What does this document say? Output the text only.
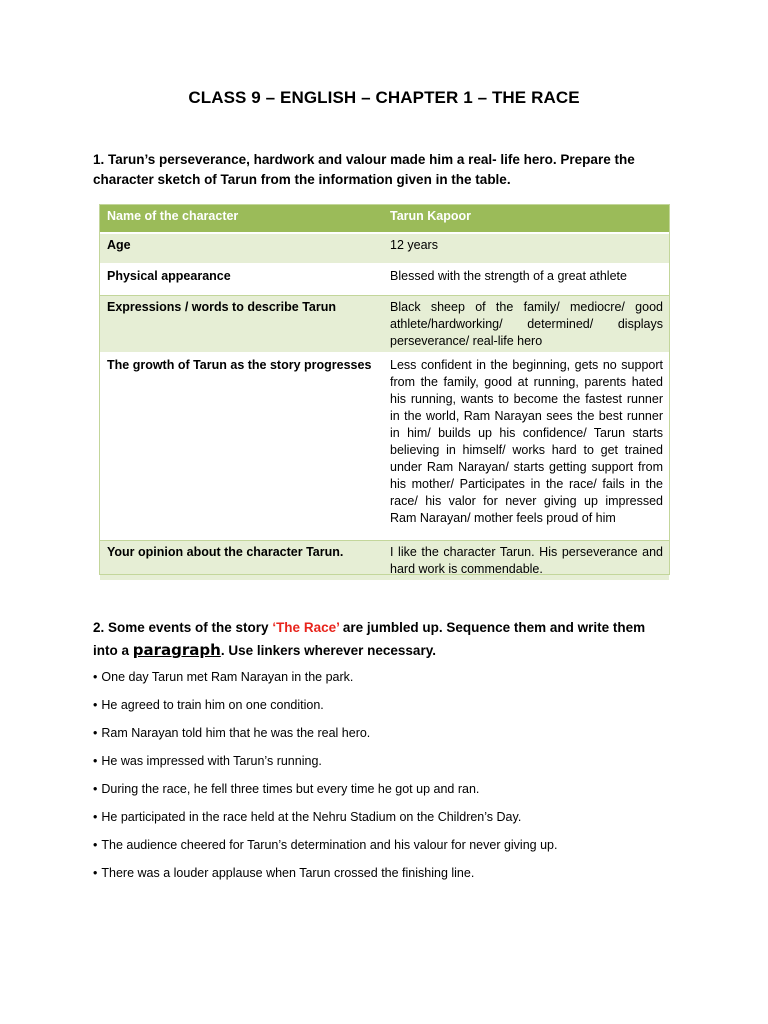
CLASS 9 – ENGLISH – CHAPTER 1 – THE RACE
1. Tarun’s perseverance, hardwork and valour made him a real- life hero. Prepare the character sketch of Tarun from the information given in the table.
Name of the character	Tarun Kapoor
Age	12 years
Physical appearance	Blessed with the strength of a great athlete
Expressions / words to describe Tarun	Black sheep of the family/ mediocre/ good athlete/hardworking/ determined/ displays perseverance/ real-life hero
The growth of Tarun as the story progresses	Less confident in the beginning, gets no support from the family, good at running, parents hated his running, wants to become the fastest runner in the world, Ram Narayan sees the best runner in him/ builds up his confidence/ Tarun starts believing in himself/ works hard to get trained under Ram Narayan/ starts getting support from his mother/ Participates in the race/ fails in the race/ his valor for never giving up impressed Ram Narayan/ mother feels proud of him
Your opinion about the character Tarun.	I like the character Tarun. His perseverance and hard work is commendable.
2. Some events of the story ‘The Race’ are jumbled up. Sequence them and write them into a paragraph. Use linkers wherever necessary.
• One day Tarun met Ram Narayan in the park.
• He agreed to train him on one condition.
• Ram Narayan told him that he was the real hero.
• He was impressed with Tarun’s running.
• During the race, he fell three times but every time he got up and ran.
• He participated in the race held at the Nehru Stadium on the Children’s Day.
• The audience cheered for Tarun’s determination and his valour for never giving up.
• There was a louder applause when Tarun crossed the finishing line.
